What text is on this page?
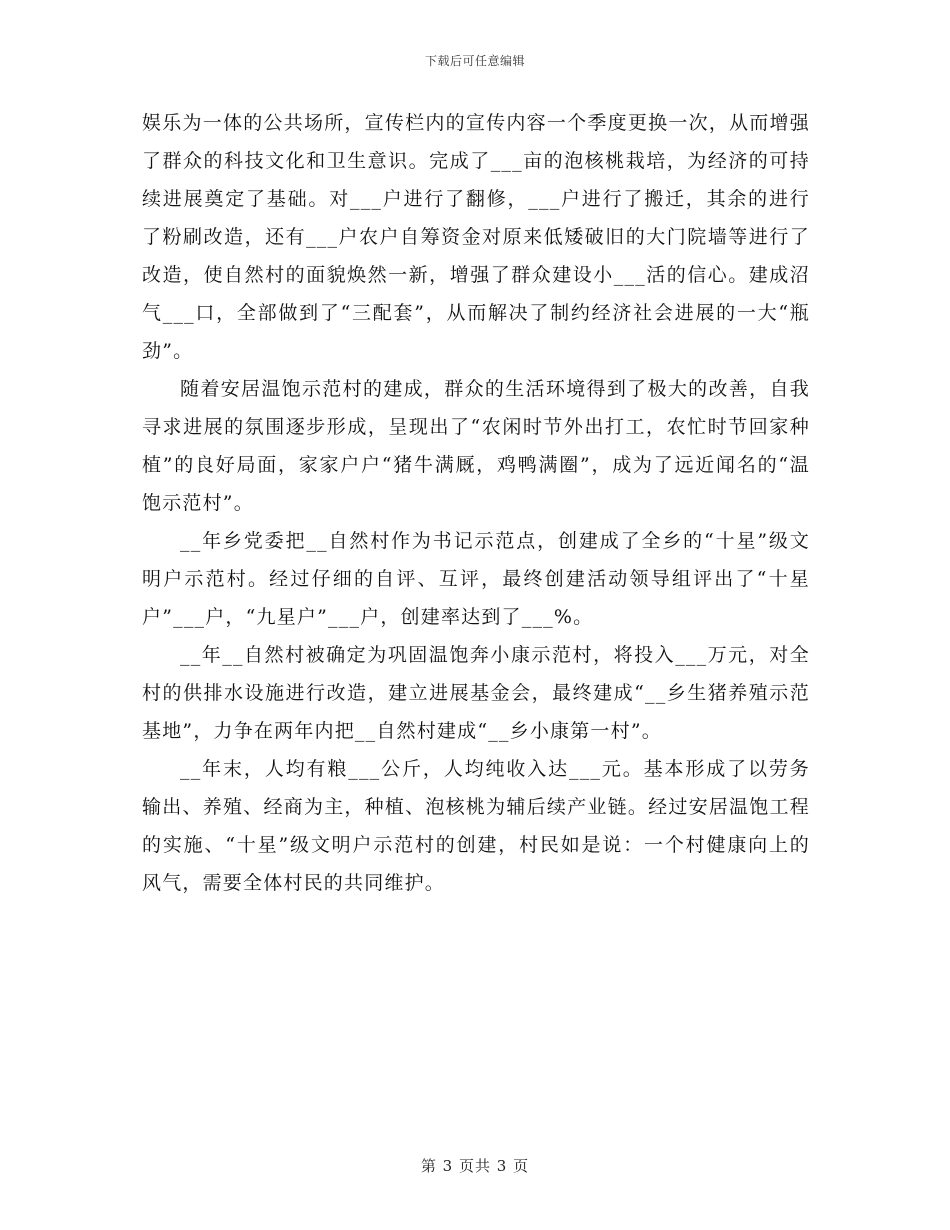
下载后可任意编辑

娱乐为一体的公共场所，宣传栏内的宣传内容一个季度更换一次，从而增强了群众的科技文化和卫生意识。完成了___亩的泡核桃栽培，为经济的可持续进展奠定了基础。对___户进行了翻修，___户进行了搬迁，其余的进行了粉刷改造，还有___户农户自筹资金对原来低矮破旧的大门院墙等进行了改造，使自然村的面貌焕然一新，增强了群众建设小___活的信心。建成沼气___口，全部做到了“三配套”，从而解决了制约经济社会进展的一大“瓶劲”。

随着安居温饱示范村的建成，群众的生活环境得到了极大的改善，自我寻求进展的氛围逐步形成，呈现出了“农闲时节外出打工，农忙时节回家种植”的良好局面，家家户户“猪牛满厩，鸡鸭满圈”，成为了远近闻名的“温饱示范村”。

__年乡党委把__自然村作为书记示范点，创建成了全乡的“十星”级文明户示范村。经过仔细的自评、互评，最终创建活动领导组评出了“十星户”___户，“九星户”___户，创建率达到了___%。

__年__自然村被确定为巩固温饱奔小康示范村，将投入___万元，对全村的供排水设施进行改造，建立进展基金会，最终建成“__乡生猪养殖示范基地”，力争在两年内把__自然村建成“__乡小康第一村”。

__年末，人均有粮___公斤，人均纯收入达___元。基本形成了以劳务输出、养殖、经商为主，种植、泡核桃为辅后续产业链。经过安居温饱工程的实施、“十星”级文明户示范村的创建，村民如是说：一个村健康向上的风气，需要全体村民的共同维护。

第 3 页共 3 页
